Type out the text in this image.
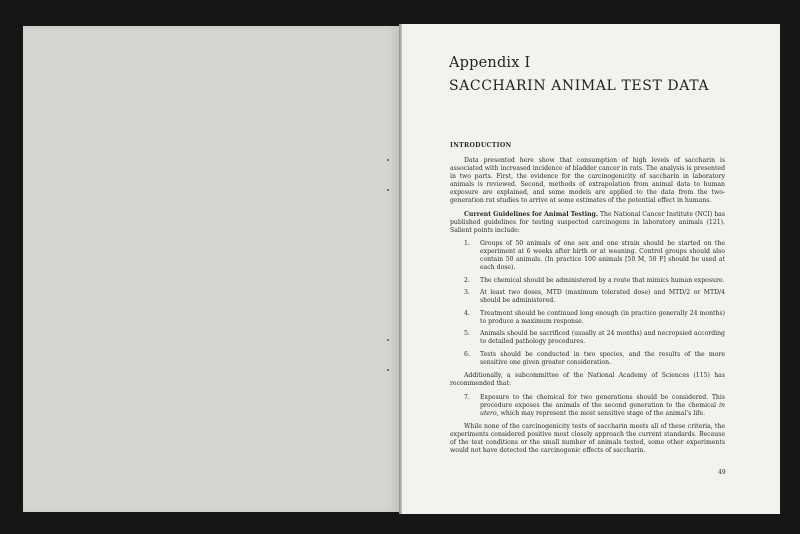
Appendix I
SACCHARIN ANIMAL TEST DATA
INTRODUCTION

Data presented here show that consumption of high levels of saccharin is associated with increased incidence of bladder cancer in rats. The analysis is presented in two parts. First, the evidence for the carcinogenicity of saccharin in laboratory animals is reviewed. Second, methods of extrapolation from animal data to human exposure are explained, and some models are applied to the data from the two-generation rat studies to arrive at some estimates of the potential effect in humans.

Current Guidelines for Animal Testing. The National Cancer Institute (NCI) has published guidelines for testing suspected carcinogens in laboratory animals (121). Salient points include:

1. Groups of 50 animals of one sex and one strain should be started on the experiment at 6 weeks after birth or at weaning. Control groups should also contain 50 animals. (In practice 100 animals [50 M, 50 F] should be used at each dose).
2. The chemical should be administered by a route that mimics human exposure.
3. At least two doses, MTD (maximum tolerated dose) and MTD/2 or MTD/4 should be administered.
4. Treatment should be continued long enough (in practice generally 24 months) to produce a maximum response.
5. Animals should be sacrificed (usually at 24 months) and necropsied according to detailed pathology procedures.
6. Tests should be conducted in two species, and the results of the more sensitive one given greater consideration.

Additionally, a subcommittee of the National Academy of Sciences (115) has recommended that:

7. Exposure to the chemical for two generations should be considered. This procedure exposes the animals of the second generation to the chemical in utero, which may represent the most sensitive stage of the animal's life.

While none of the carcinogenicity tests of saccharin meets all of these criteria, the experiments considered positive most closely approach the current standards. Because of the test conditions or the small number of animals tested, some other experiments would not have detected the carcinogenic effects of saccharin.

49
